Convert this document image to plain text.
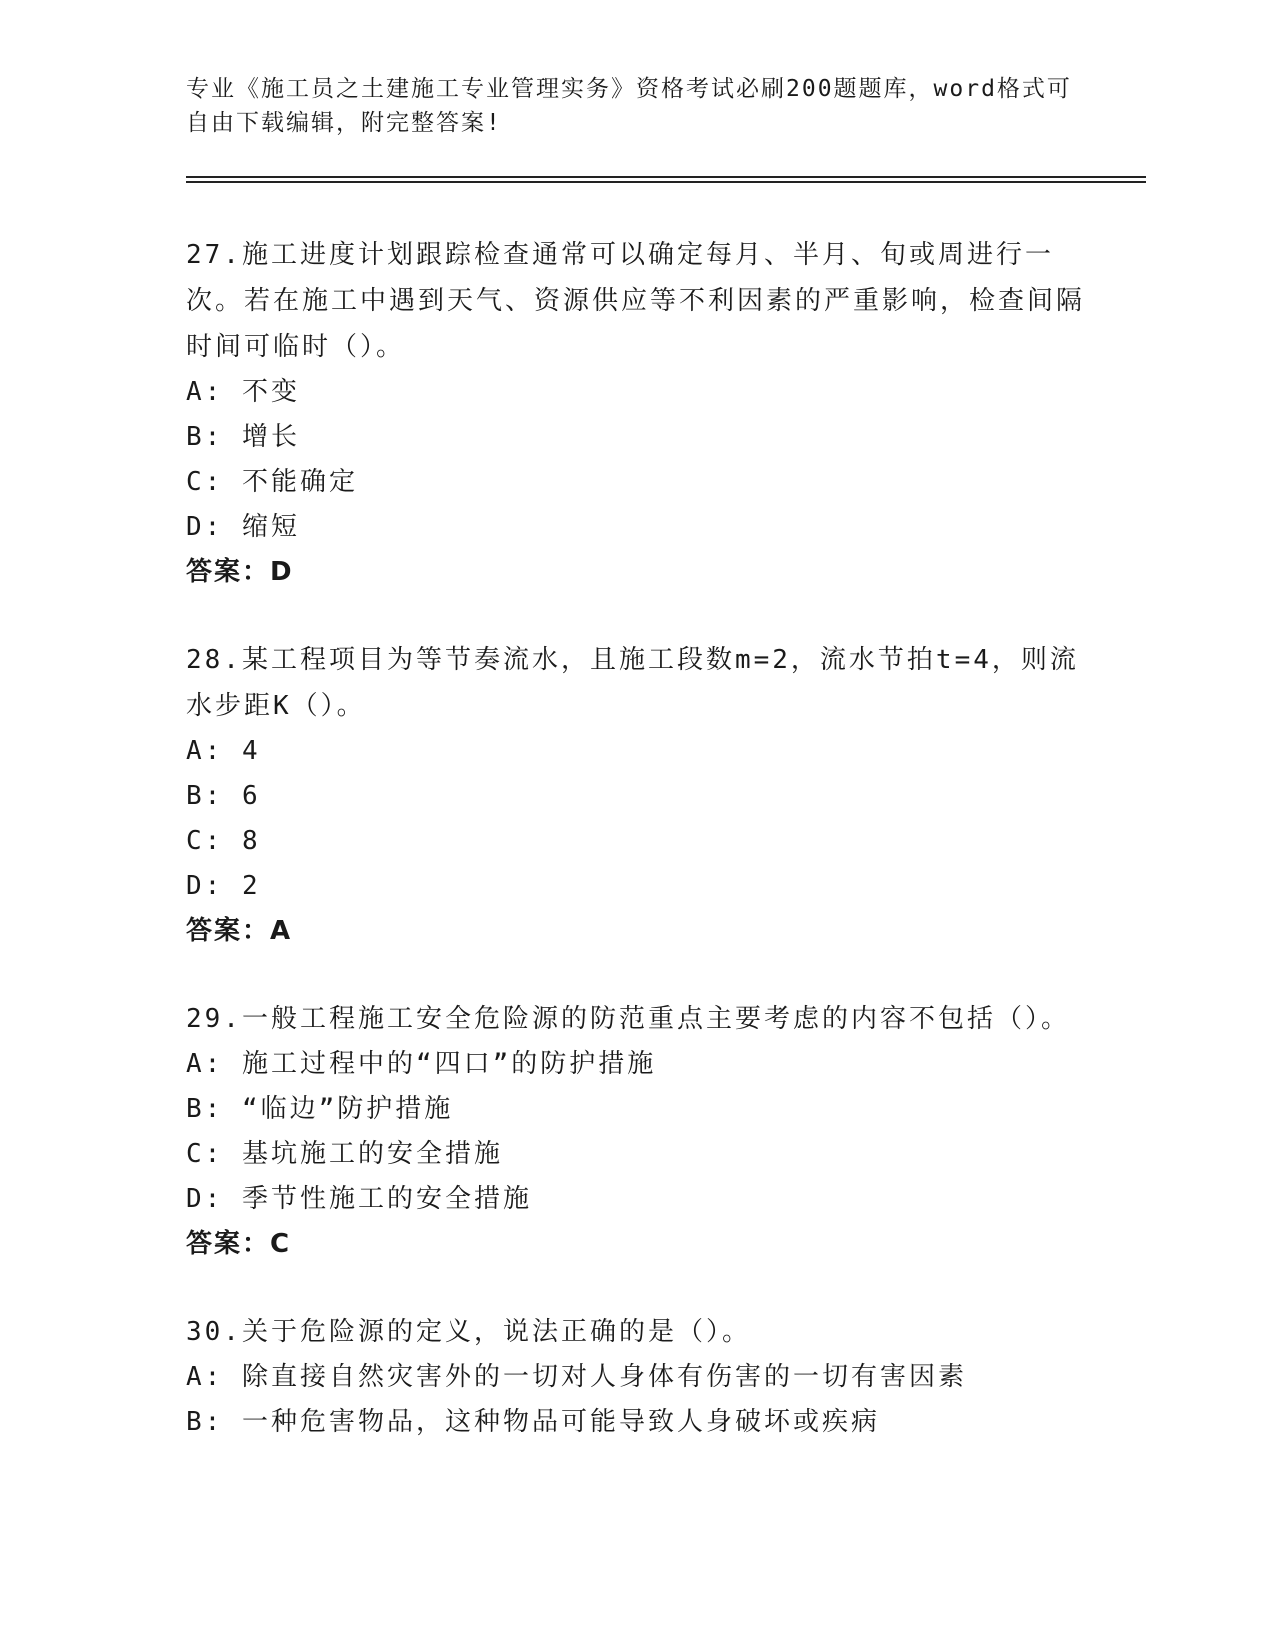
专业《施工员之土建施工专业管理实务》资格考试必刷200题题库，word格式可自由下载编辑，附完整答案!
27.施工进度计划跟踪检查通常可以确定每月、半月、旬或周进行一次。若在施工中遇到天气、资源供应等不利因素的严重影响，检查间隔时间可临时（）。
A: 不变
B: 增长
C: 不能确定
D: 缩短
答案：D
28.某工程项目为等节奏流水，且施工段数m=2，流水节拍t=4，则流水步距K（）。
A: 4
B: 6
C: 8
D: 2
答案：A
29.一般工程施工安全危险源的防范重点主要考虑的内容不包括（）。
A: 施工过程中的“四口”的防护措施
B: “临边”防护措施
C: 基坑施工的安全措施
D: 季节性施工的安全措施
答案：C
30.关于危险源的定义，说法正确的是（）。
A: 除直接自然灾害外的一切对人身体有伤害的一切有害因素
B: 一种危害物品，这种物品可能导致人身破坏或疾病
